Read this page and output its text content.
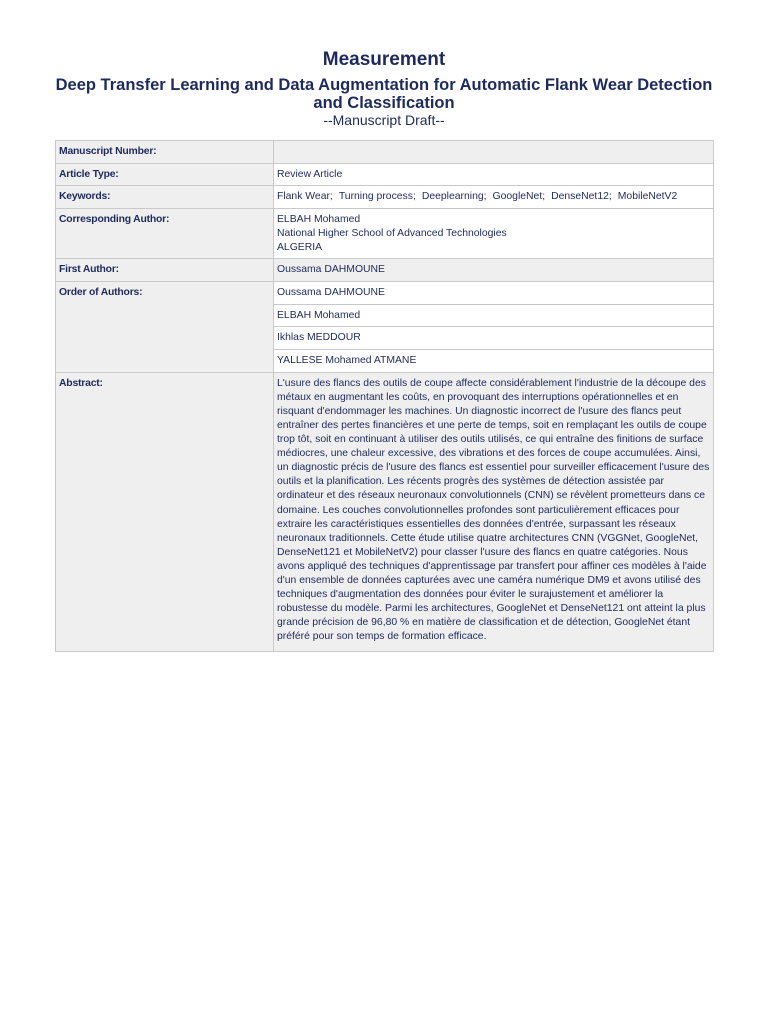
Measurement
Deep Transfer Learning and Data Augmentation for Automatic Flank Wear Detection and Classification
--Manuscript Draft--
Manuscript Number:	
Article Type:	Review Article
Keywords:	Flank Wear; Turning process; Deeplearning; GoogleNet; DenseNet12; MobileNetV2
Corresponding Author:	ELBAH Mohamed
National Higher School of Advanced Technologies
ALGERIA

First Author:	Oussama DAHMOUNE
Order of Authors:	Oussama DAHMOUNE
	ELBAH Mohamed
	Ikhlas MEDDOUR
	YALLESE Mohamed ATMANE
Abstract:	L'usure des flancs des outils de coupe affecte considérablement l'industrie de la découpe des métaux en augmentant les coûts, en provoquant des interruptions opérationnelles et en risquant d'endommager les machines. Un diagnostic incorrect de l'usure des flancs peut entraîner des pertes financières et une perte de temps, soit en remplaçant les outils de coupe trop tôt, soit en continuant à utiliser des outils utilisés, ce qui entraîne des finitions de surface médiocres, une chaleur excessive, des vibrations et des forces de coupe accumulées. Ainsi, un diagnostic précis de l'usure des flancs est essentiel pour surveiller efficacement l'usure des outils et la planification. Les récents progrès des systèmes de détection assistée par ordinateur et des réseaux neuronaux convolutionnels (CNN) se révèlent prometteurs dans ce domaine. Les couches convolutionnelles profondes sont particulièrement efficaces pour extraire les caractéristiques essentielles des données d'entrée, surpassant les réseaux neuronaux traditionnels. Cette étude utilise quatre architectures CNN (VGGNet, GoogleNet, DenseNet121 et MobileNetV2) pour classer l'usure des flancs en quatre catégories. Nous avons appliqué des techniques d'apprentissage par transfert pour affiner ces modèles à l'aide d'un ensemble de données capturées avec une caméra numérique DM9 et avons utilisé des techniques d'augmentation des données pour éviter le surajustement et améliorer la robustesse du modèle. Parmi les architectures, GoogleNet et DenseNet121 ont atteint la plus grande précision de 96,80 % en matière de classification et de détection, GoogleNet étant préféré pour son temps de formation efficace.
